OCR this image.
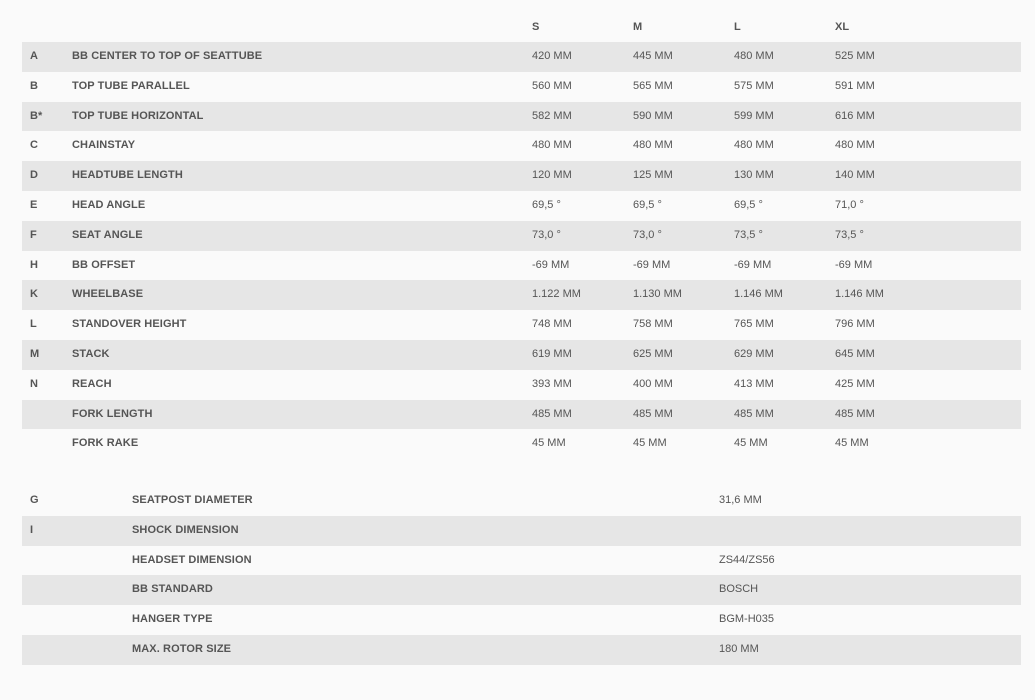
S	M	L	XL
A	BB CENTER TO TOP OF SEATTUBE	420 MM	445 MM	480 MM	525 MM
B	TOP TUBE PARALLEL	560 MM	565 MM	575 MM	591 MM
B*	TOP TUBE HORIZONTAL	582 MM	590 MM	599 MM	616 MM
C	CHAINSTAY	480 MM	480 MM	480 MM	480 MM
D	HEADTUBE LENGTH	120 MM	125 MM	130 MM	140 MM
E	HEAD ANGLE	69,5 °	69,5 °	69,5 °	71,0 °
F	SEAT ANGLE	73,0 °	73,0 °	73,5 °	73,5 °
H	BB OFFSET	-69 MM	-69 MM	-69 MM	-69 MM
K	WHEELBASE	1.122 MM	1.130 MM	1.146 MM	1.146 MM
L	STANDOVER HEIGHT	748 MM	758 MM	765 MM	796 MM
M	STACK	619 MM	625 MM	629 MM	645 MM
N	REACH	393 MM	400 MM	413 MM	425 MM
FORK LENGTH	485 MM	485 MM	485 MM	485 MM
FORK RAKE	45 MM	45 MM	45 MM	45 MM
G	SEATPOST DIAMETER	31,6 MM
I	SHOCK DIMENSION
HEADSET DIMENSION	ZS44/ZS56
BB STANDARD	BOSCH
HANGER TYPE	BGM-H035
MAX. ROTOR SIZE	180 MM
